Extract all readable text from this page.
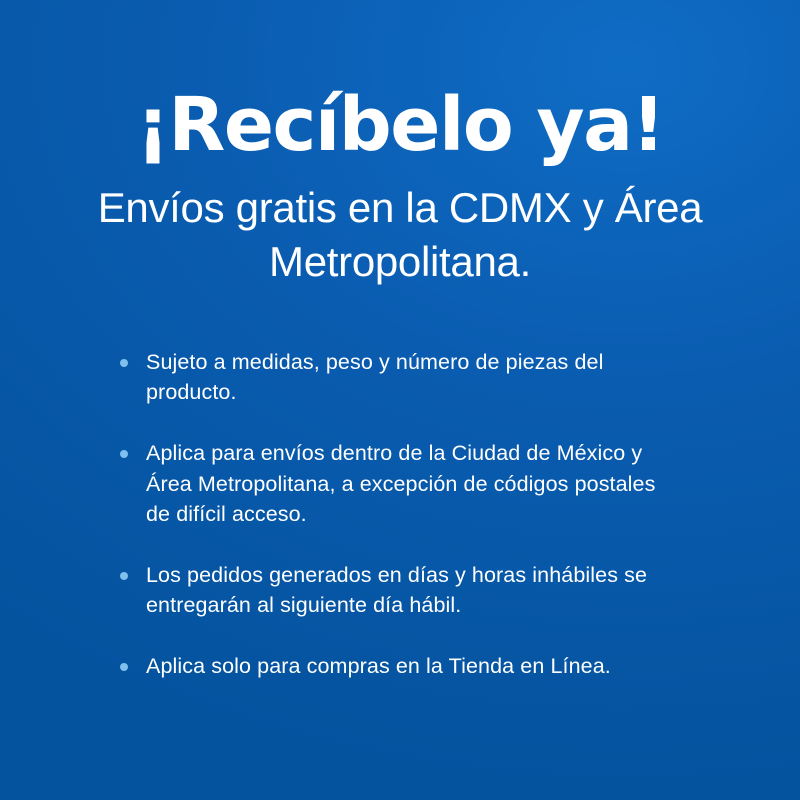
¡Recíbelo ya!

Envíos gratis en la CDMX y Área Metropolitana.

Sujeto a medidas, peso y número de piezas del producto.
Aplica para envíos dentro de la Ciudad de México y Área Metropolitana, a excepción de códigos postales de difícil acceso.
Los pedidos generados en días y horas inhábiles se entregarán al siguiente día hábil.
Aplica solo para compras en la Tienda en Línea.
